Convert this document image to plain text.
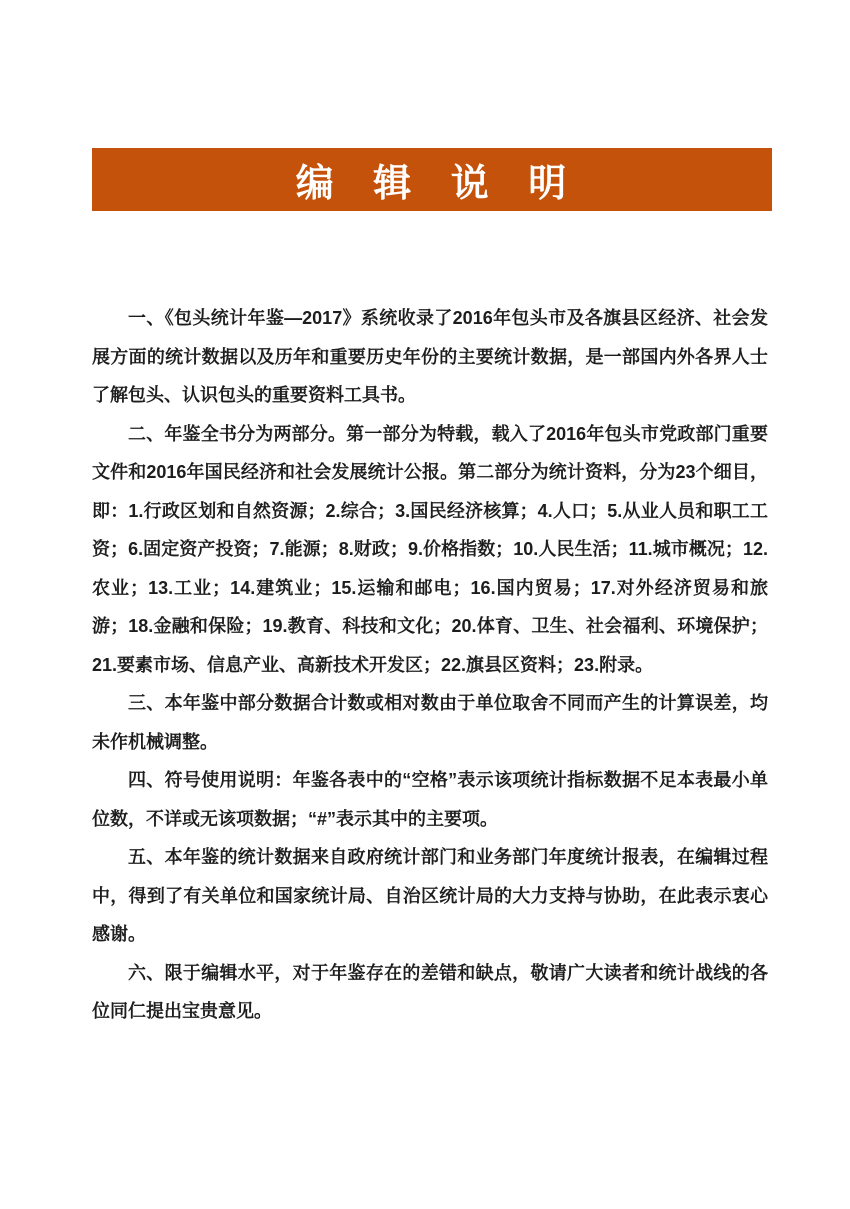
编 辑 说 明

一、《包头统计年鉴—2017》系统收录了2016年包头市及各旗县区经济、社会发展方面的统计数据以及历年和重要历史年份的主要统计数据，是一部国内外各界人士了解包头、认识包头的重要资料工具书。

二、年鉴全书分为两部分。第一部分为特载，载入了2016年包头市党政部门重要文件和2016年国民经济和社会发展统计公报。第二部分为统计资料，分为23个细目，即：1.行政区划和自然资源；2.综合；3.国民经济核算；4.人口；5.从业人员和职工工资；6.固定资产投资；7.能源；8.财政；9.价格指数；10.人民生活；11.城市概况；12.农业；13.工业；14.建筑业；15.运输和邮电；16.国内贸易；17.对外经济贸易和旅游；18.金融和保险；19.教育、科技和文化；20.体育、卫生、社会福利、环境保护；21.要素市场、信息产业、高新技术开发区；22.旗县区资料；23.附录。

三、本年鉴中部分数据合计数或相对数由于单位取舍不同而产生的计算误差，均未作机械调整。

四、符号使用说明：年鉴各表中的“空格”表示该项统计指标数据不足本表最小单位数，不详或无该项数据；“#”表示其中的主要项。

五、本年鉴的统计数据来自政府统计部门和业务部门年度统计报表，在编辑过程中，得到了有关单位和国家统计局、自治区统计局的大力支持与协助，在此表示衷心感谢。

六、限于编辑水平，对于年鉴存在的差错和缺点，敬请广大读者和统计战线的各位同仁提出宝贵意见。
